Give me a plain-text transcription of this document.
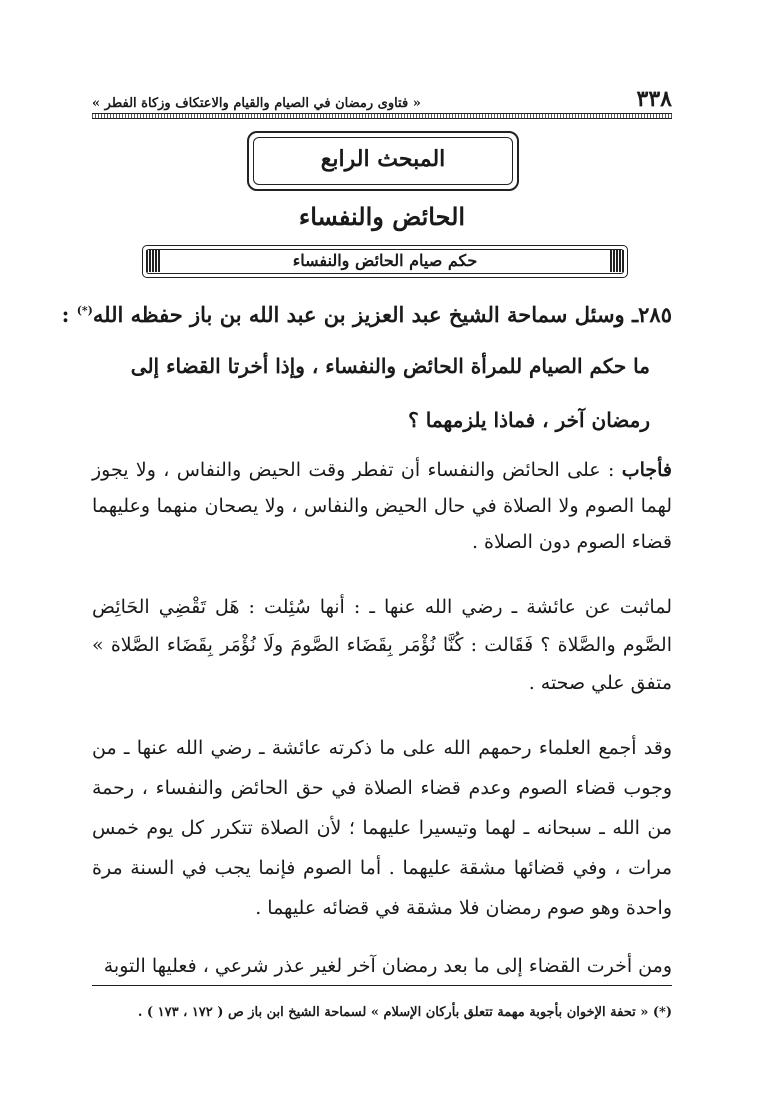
٣٣٨
« فتاوى رمضان في الصيام والقيام والاعتكاف وزكاة الفطر »
المبحث الرابع
الحائض والنفساء
حكم صيام الحائض والنفساء
٢٨٥ـ وسئل سماحة الشيخ عبد العزيز بن عبد الله بن باز حفظه الله(*) :
ما حكم الصيام للمرأة الحائض والنفساء ، وإذا أخرتا القضاء إلى رمضان آخر ، فماذا يلزمهما ؟

فأجاب : على الحائض والنفساء أن تفطر وقت الحيض والنفاس ، ولا يجوز لهما الصوم ولا الصلاة في حال الحيض والنفاس ، ولا يصحان منهما وعليهما قضاء الصوم دون الصلاة .

لماثبت عن عائشة ـ رضي الله عنها ـ : أنها سُئِلت : هَل تَقْضِي الحَائِض الصَّوم والصَّلاة ؟ فَقَالت : كُنَّا نُؤْمَر بِقَضَاء الصَّومَ ولَا نُؤْمَر بِقَضَاء الصَّلاة » متفق علي صحته .

وقد أجمع العلماء رحمهم الله على ما ذكرته عائشة ـ رضي الله عنها ـ من وجوب قضاء الصوم وعدم قضاء الصلاة في حق الحائض والنفساء ، رحمة من الله ـ سبحانه ـ لهما وتيسيرا عليهما ؛ لأن الصلاة تتكرر كل يوم خمس مرات ، وفي قضائها مشقة عليهما . أما الصوم فإنما يجب في السنة مرة واحدة وهو صوم رمضان فلا مشقة في قضائه عليهما .

ومن أخرت القضاء إلى ما بعد رمضان آخر لغير عذر شرعي ، فعليها التوبة

(*) « تحفة الإخوان بأجوبة مهمة تتعلق بأركان الإسلام » لسماحة الشيخ ابن باز ص ( ١٧٢ ، ١٧٣ ) .
